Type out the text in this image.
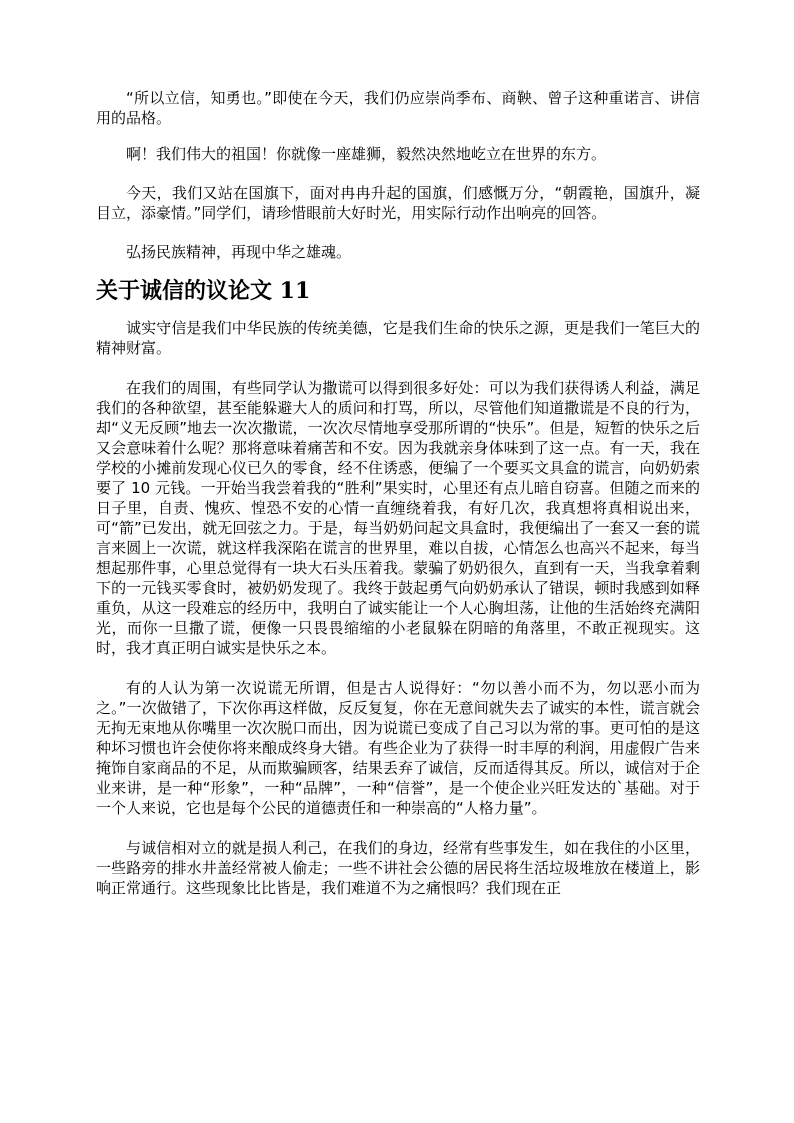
“所以立信，知勇也。”即使在今天，我们仍应崇尚季布、商鞅、曾子这种重诺言、讲信用的品格。

啊！我们伟大的祖国！你就像一座雄狮，毅然决然地屹立在世界的东方。

今天，我们又站在国旗下，面对冉冉升起的国旗，们感慨万分，“朝霞艳，国旗升，凝目立，添豪情。”同学们，请珍惜眼前大好时光，用实际行动作出响亮的回答。

弘扬民族精神，再现中华之雄魂。

关于诚信的议论文 11

诚实守信是我们中华民族的传统美德，它是我们生命的快乐之源，更是我们一笔巨大的精神财富。

在我们的周围，有些同学认为撒谎可以得到很多好处：可以为我们获得诱人利益，满足我们的各种欲望，甚至能躲避大人的质问和打骂，所以，尽管他们知道撒谎是不良的行为，却“义无反顾”地去一次次撒谎，一次次尽情地享受那所谓的“快乐”。但是，短暂的快乐之后又会意味着什么呢？那将意味着痛苦和不安。因为我就亲身体味到了这一点。有一天，我在学校的小摊前发现心仪已久的零食，经不住诱惑，便编了一个要买文具盒的谎言，向奶奶索要了 10 元钱。一开始当我尝着我的“胜利”果实时，心里还有点儿暗自窃喜。但随之而来的日子里，自责、愧疚、惶恐不安的心情一直缠绕着我，有好几次，我真想将真相说出来，可“箭”已发出，就无回弦之力。于是，每当奶奶问起文具盒时，我便编出了一套又一套的谎言来圆上一次谎，就这样我深陷在谎言的世界里，难以自拔，心情怎么也高兴不起来，每当想起那件事，心里总觉得有一块大石头压着我。蒙骗了奶奶很久，直到有一天，当我拿着剩下的一元钱买零食时，被奶奶发现了。我终于鼓起勇气向奶奶承认了错误，顿时我感到如释重负，从这一段难忘的经历中，我明白了诚实能让一个人心胸坦荡，让他的生活始终充满阳光，而你一旦撒了谎，便像一只畏畏缩缩的小老鼠躲在阴暗的角落里，不敢正视现实。这时，我才真正明白诚实是快乐之本。

有的人认为第一次说谎无所谓，但是古人说得好：“勿以善小而不为，勿以恶小而为之。”一次做错了，下次你再这样做，反反复复，你在无意间就失去了诚实的本性，谎言就会无拘无束地从你嘴里一次次脱口而出，因为说谎已变成了自己习以为常的事。更可怕的是这种坏习惯也许会使你将来酿成终身大错。有些企业为了获得一时丰厚的利润，用虚假广告来掩饰自家商品的不足，从而欺骗顾客，结果丢弃了诚信，反而适得其反。所以，诚信对于企业来讲，是一种“形象”，一种“品牌”，一种“信誉”，是一个使企业兴旺发达的`基础。对于一个人来说，它也是每个公民的道德责任和一种崇高的“人格力量”。

与诚信相对立的就是损人利己，在我们的身边，经常有些事发生，如在我住的小区里，一些路旁的排水井盖经常被人偷走；一些不讲社会公德的居民将生活垃圾堆放在楼道上，影响正常通行。这些现象比比皆是，我们难道不为之痛恨吗？我们现在正
